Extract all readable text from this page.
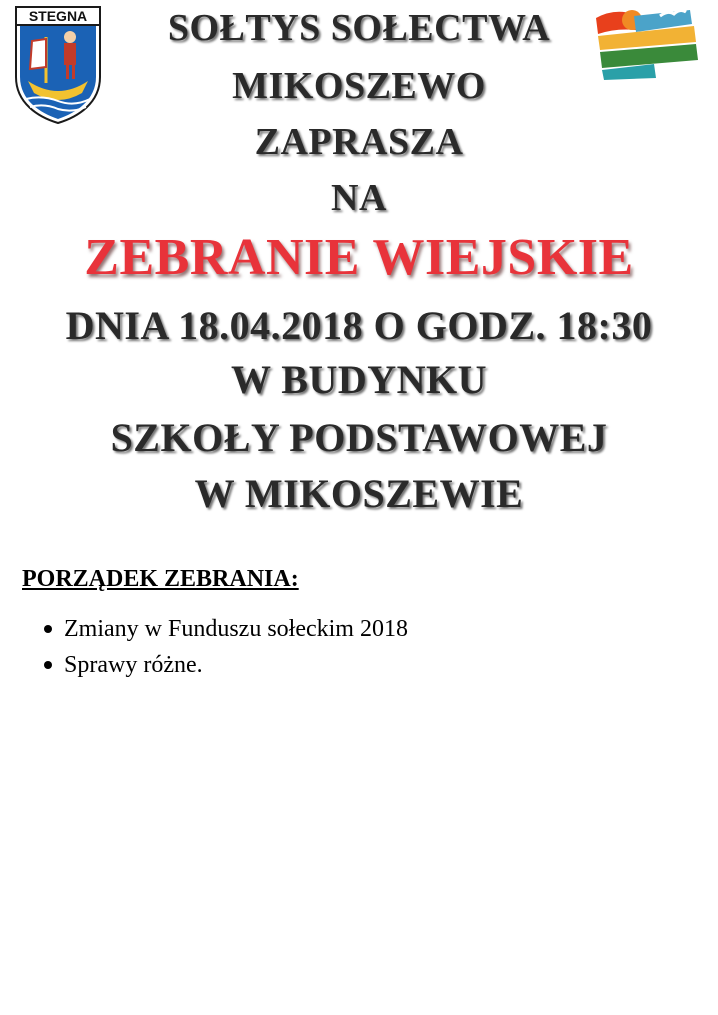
STEGNA	SOŁTYS SOŁECTWA
MIKOSZEWO
ZAPRASZA
NA
ZEBRANIE WIEJSKIE
DNIA 18.04.2018 O GODZ. 18:30
W BUDYNKU
SZKOŁY PODSTAWOWEJ
W MIKOSZEWIE
PORZĄDEK ZEBRANIA:
Zmiany w Funduszu sołeckim 2018
Sprawy różne.
